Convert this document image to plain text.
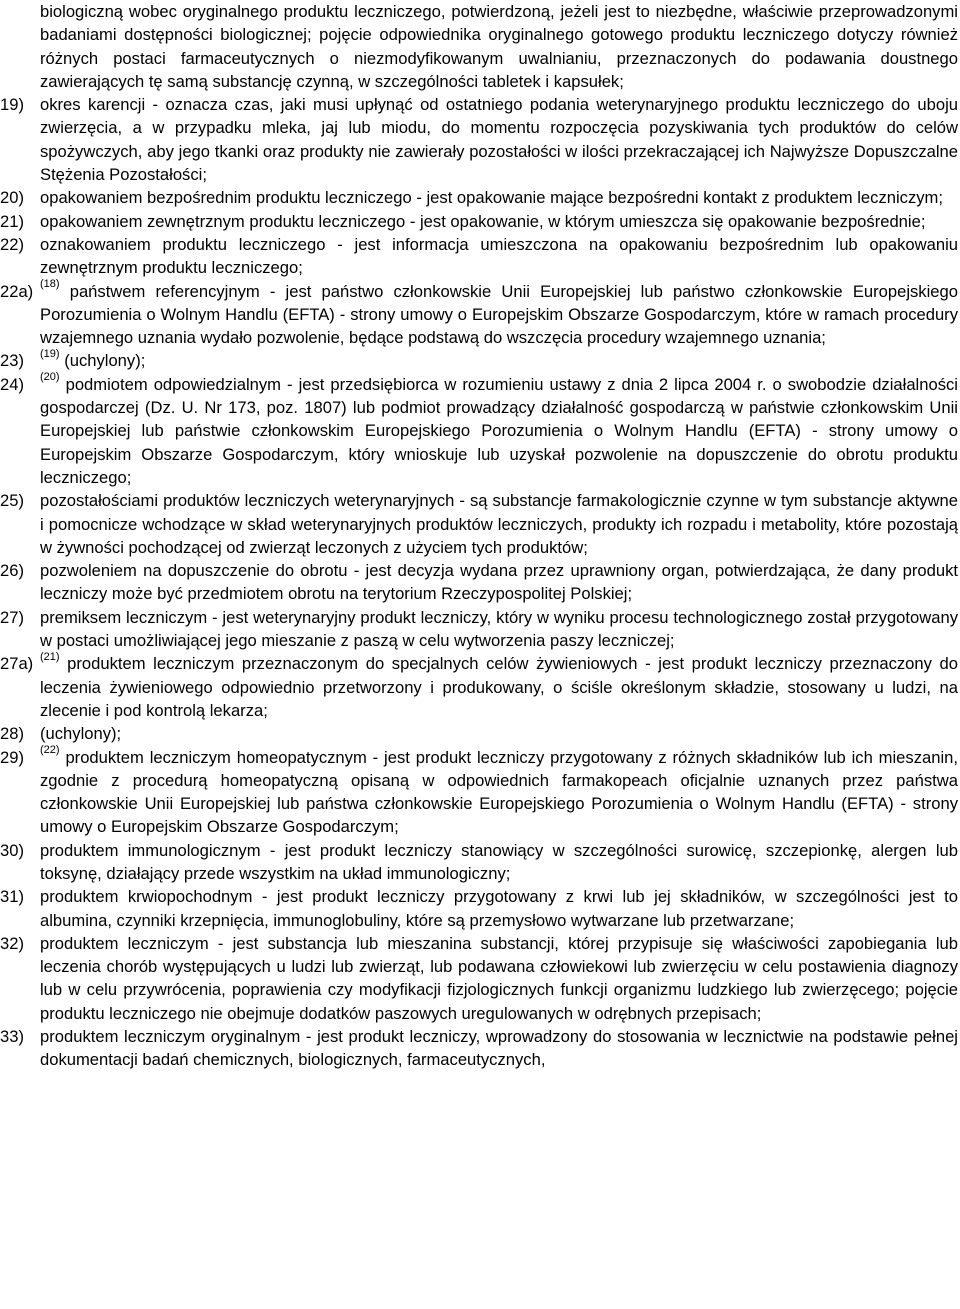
biologiczną wobec oryginalnego produktu leczniczego, potwierdzoną, jeżeli jest to niezbędne, właściwie przeprowadzonymi badaniami dostępności biologicznej; pojęcie odpowiednika oryginalnego gotowego produktu leczniczego dotyczy również różnych postaci farmaceutycznych o niezmodyfikowanym uwalnianiu, przeznaczonych do podawania doustnego zawierających tę samą substancję czynną, w szczególności tabletek i kapsułek;
19) okres karencji - oznacza czas, jaki musi upłynąć od ostatniego podania weterynaryjnego produktu leczniczego do uboju zwierzęcia, a w przypadku mleka, jaj lub miodu, do momentu rozpoczęcia pozyskiwania tych produktów do celów spożywczych, aby jego tkanki oraz produkty nie zawierały pozostałości w ilości przekraczającej ich Najwyższe Dopuszczalne Stężenia Pozostałości;
20) opakowaniem bezpośrednim produktu leczniczego - jest opakowanie mające bezpośredni kontakt z produktem leczniczym;
21) opakowaniem zewnętrznym produktu leczniczego - jest opakowanie, w którym umieszcza się opakowanie bezpośrednie;
22) oznakowaniem produktu leczniczego - jest informacja umieszczona na opakowaniu bezpośrednim lub opakowaniu zewnętrznym produktu leczniczego;
22a) $^{(18)}$ państwem referencyjnym - jest państwo członkowskie Unii Europejskiej lub państwo członkowskie Europejskiego Porozumienia o Wolnym Handlu (EFTA) - strony umowy o Europejskim Obszarze Gospodarczym, które w ramach procedury wzajemnego uznania wydało pozwolenie, będące podstawą do wszczęcia procedury wzajemnego uznania;
23)	$^{(19)}$ (uchylony);
24)	$^{(20)}$ podmiotem odpowiedzialnym - jest przedsiębiorca w rozumieniu ustawy z dnia 2 lipca 2004 r. o swobodzie działalności gospodarczej (Dz. U. Nr 173, poz. 1807) lub podmiot prowadzący działalność gospodarczą w państwie członkowskim Unii Europejskiej lub państwie członkowskim Europejskiego Porozumienia o Wolnym Handlu (EFTA) - strony umowy o Europejskim Obszarze Gospodarczym, który wnioskuje lub uzyskał pozwolenie na dopuszczenie do obrotu produktu leczniczego;
25) pozostałościami produktów leczniczych weterynaryjnych - są substancje farmakologicznie czynne w tym substancje aktywne i pomocnicze wchodzące w skład weterynaryjnych produktów leczniczych, produkty ich rozpadu i metabolity, które pozostają w żywności pochodzącej od zwierząt leczonych z użyciem tych produktów;
26) pozwoleniem na dopuszczenie do obrotu - jest decyzja wydana przez uprawniony organ, potwierdzająca, że dany produkt leczniczy może być przedmiotem obrotu na terytorium Rzeczypospolitej Polskiej;
27) premiksem leczniczym - jest weterynaryjny produkt leczniczy, który w wyniku procesu technologicznego został przygotowany w postaci umożliwiającej jego mieszanie z paszą w celu wytworzenia paszy leczniczej;
27a) $^{(21)}$ produktem leczniczym przeznaczonym do specjalnych celów żywieniowych - jest produkt leczniczy przeznaczony do leczenia żywieniowego odpowiednio przetworzony i produkowany, o ściśle określonym składzie, stosowany u ludzi, na zlecenie i pod kontrolą lekarza;
28) (uchylony);
29)	$^{(22)}$ produktem leczniczym homeopatycznym - jest produkt leczniczy przygotowany z różnych składników lub ich mieszanin, zgodnie z procedurą homeopatyczną opisaną w odpowiednich farmakopeach oficjalnie uznanych przez państwa członkowskie Unii Europejskiej lub państwa członkowskie Europejskiego Porozumienia o Wolnym Handlu (EFTA) - strony umowy o Europejskim Obszarze Gospodarczym;
30) produktem immunologicznym - jest produkt leczniczy stanowiący w szczególności surowicę, szczepionkę, alergen lub toksynę, działający przede wszystkim na układ immunologiczny;
31) produktem krwiopochodnym - jest produkt leczniczy przygotowany z krwi lub jej składników, w szczególności jest to albumina, czynniki krzepnięcia, immunoglobuliny, które są przemysłowo wytwarzane lub przetwarzane;
32) produktem leczniczym - jest substancja lub mieszanina substancji, której przypisuje się właściwości zapobiegania lub leczenia chorób występujących u ludzi lub zwierząt, lub podawana człowiekowi lub zwierzęciu w celu postawienia diagnozy lub w celu przywrócenia, poprawienia czy modyfikacji fizjologicznych funkcji organizmu ludzkiego lub zwierzęcego; pojęcie produktu leczniczego nie obejmuje dodatków paszowych uregulowanych w odrębnych przepisach;
33) produktem leczniczym oryginalnym - jest produkt leczniczy, wprowadzony do stosowania w lecznictwie na podstawie pełnej dokumentacji badań chemicznych, biologicznych, farmaceutycznych,
